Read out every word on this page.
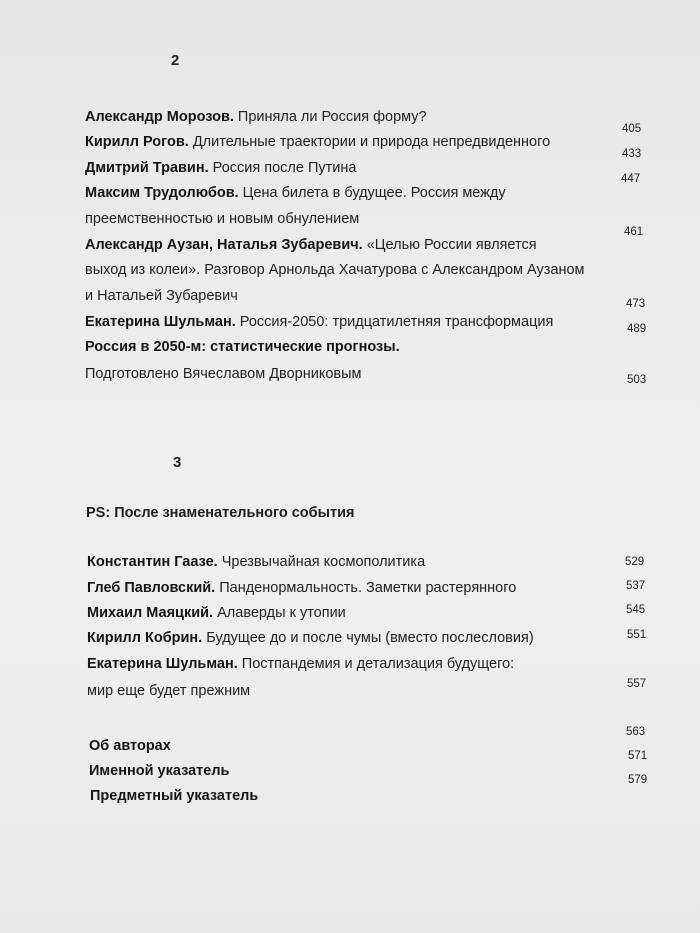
2
Александр Морозов. Приняла ли Россия форму?
Кирилл Рогов. Длительные траектории и природа непредвиденного
Дмитрий Травин. Россия после Путина
Максим Трудолюбов. Цена билета в будущее. Россия между
преемственностью и новым обнулением
Александр Аузан, Наталья Зубаревич. «Целью России является
выход из колеи». Разговор Арнольда Хачатурова с Александром Аузаном
и Натальей Зубаревич
Екатерина Шульман. Россия-2050: тридцатилетняя трансформация
Россия в 2050-м: статистические прогнозы.
Подготовлено Вячеславом Дворниковым
405
433
447
461
473
489
503
3
PS: После знаменательного события
Константин Гаазе. Чрезвычайная космополитика
Глеб Павловский. Панденормальность. Заметки растерянного
Михаил Маяцкий. Алаверды к утопии
Кирилл Кобрин. Будущее до и после чумы (вместо послесловия)
Екатерина Шульман. Постпандемия и детализация будущего:
мир еще будет прежним
529
537
545
551
557
Об авторах
Именной указатель
Предметный указатель
563
571
579
